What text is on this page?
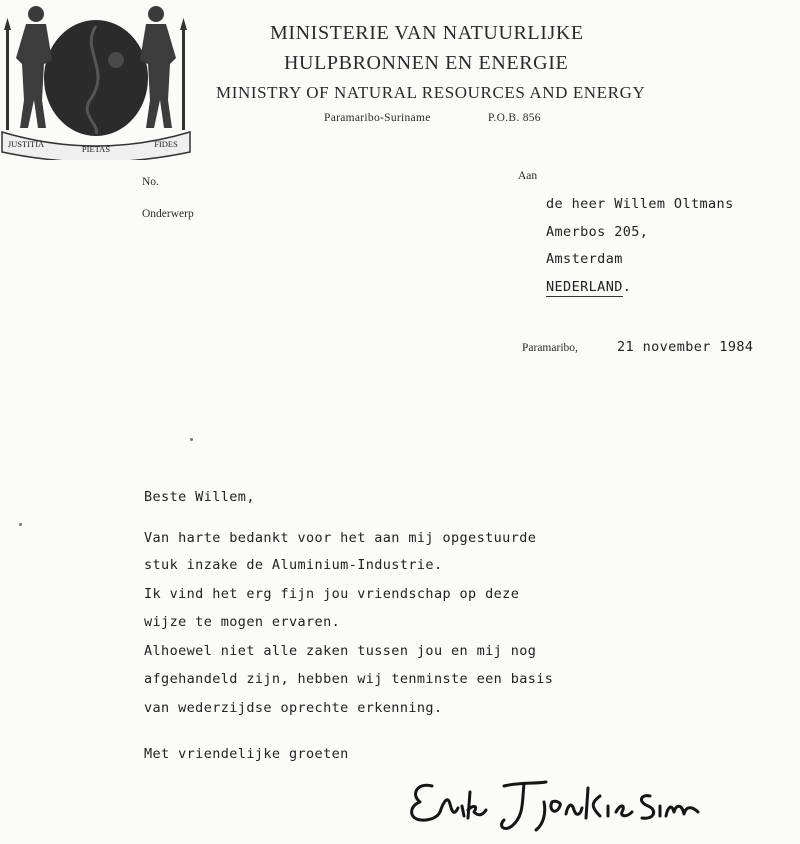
JUSTITIA	PIETAS	FIDES
MINISTERIE VAN NATUURLIJKE
HULPBRONNEN EN ENERGIE
MINISTRY OF NATURAL RESOURCES AND ENERGY
Paramaribo-Suriname	P.O.B. 856
No.
Onderwerp
Aan
de heer Willem Oltmans
Amerbos 205,
Amsterdam
NEDERLAND.
Paramaribo,	21 november 1984
Beste Willem,
Van harte bedankt voor het aan mij opgestuurde
stuk inzake de Aluminium-Industrie.
Ik vind het erg fijn jou vriendschap op deze
wijze te mogen ervaren.
Alhoewel niet alle zaken tussen jou en mij nog
afgehandeld zijn, hebben wij tenminste een basis
van wederzijdse oprechte erkenning.
Met vriendelijke groeten
